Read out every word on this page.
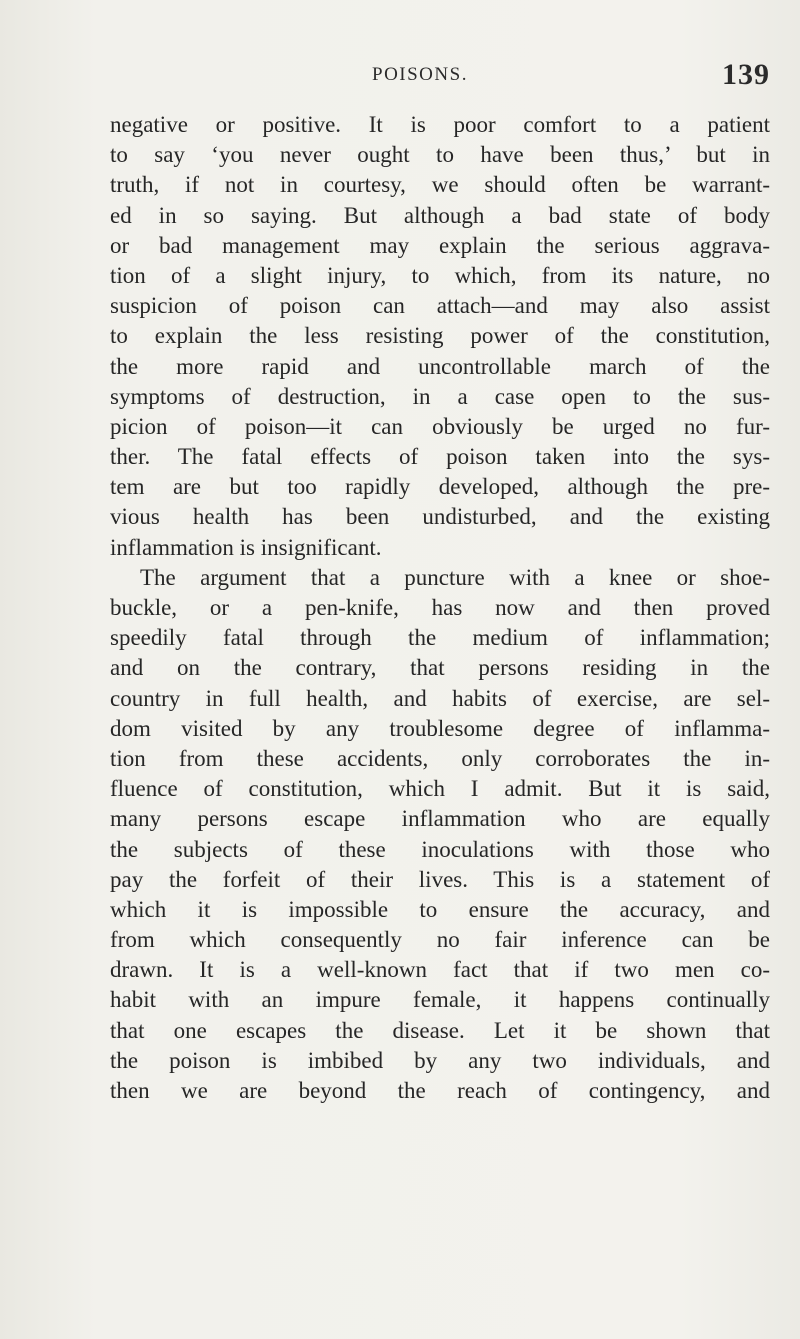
POISONS.	139
negative or positive. It is poor comfort to a patient
to say ‘you never ought to have been thus,’ but in
truth, if not in courtesy, we should often be warrant-
ed in so saying. But although a bad state of body
or bad management may explain the serious aggrava-
tion of a slight injury, to which, from its nature, no
suspicion of poison can attach—and may also assist
to explain the less resisting power of the constitution,
the more rapid and uncontrollable march of the
symptoms of destruction, in a case open to the sus-
picion of poison—it can obviously be urged no fur-
ther. The fatal effects of poison taken into the sys-
tem are but too rapidly developed, although the pre-
vious health has been undisturbed, and the existing
inflammation is insignificant.
The argument that a puncture with a knee or shoe-
buckle, or a pen-knife, has now and then proved
speedily fatal through the medium of inflammation;
and on the contrary, that persons residing in the
country in full health, and habits of exercise, are sel-
dom visited by any troublesome degree of inflamma-
tion from these accidents, only corroborates the in-
fluence of constitution, which I admit. But it is said,
many persons escape inflammation who are equally
the subjects of these inoculations with those who
pay the forfeit of their lives. This is a statement of
which it is impossible to ensure the accuracy, and
from which consequently no fair inference can be
drawn. It is a well-known fact that if two men co-
habit with an impure female, it happens continually
that one escapes the disease. Let it be shown that
the poison is imbibed by any two individuals, and
then we are beyond the reach of contingency, and
